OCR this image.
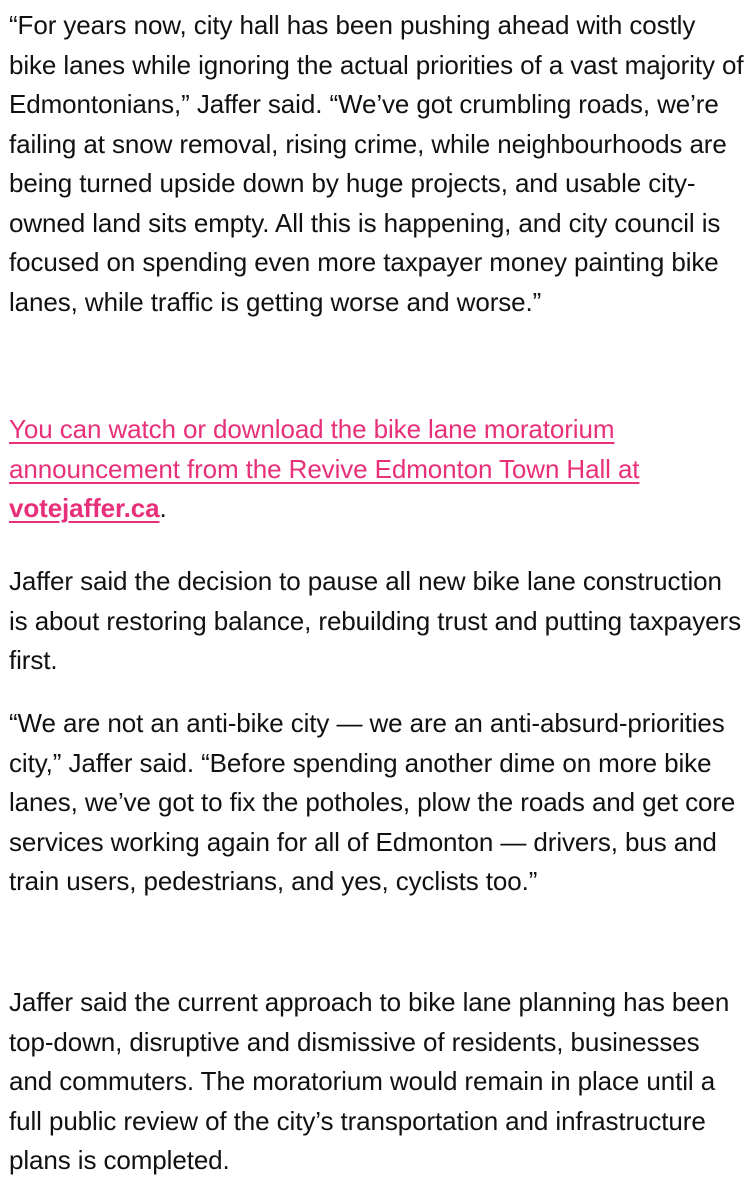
“For years now, city hall has been pushing ahead with costly bike lanes while ignoring the actual priorities of a vast majority of Edmontonians,” Jaffer said. “We’ve got crumbling roads, we’re failing at snow removal, rising crime, while neighbourhoods are being turned upside down by huge projects, and usable city-owned land sits empty. All this is happening, and city council is focused on spending even more taxpayer money painting bike lanes, while traffic is getting worse and worse.”

You can watch or download the bike lane moratorium announcement from the Revive Edmonton Town Hall at votejaffer.ca.

Jaffer said the decision to pause all new bike lane construction is about restoring balance, rebuilding trust and putting taxpayers first.

“We are not an anti-bike city — we are an anti-absurd-priorities city,” Jaffer said. “Before spending another dime on more bike lanes, we’ve got to fix the potholes, plow the roads and get core services working again for all of Edmonton — drivers, bus and train users, pedestrians, and yes, cyclists too.”

Jaffer said the current approach to bike lane planning has been top-down, disruptive and dismissive of residents, businesses and commuters. The moratorium would remain in place until a full public review of the city’s transportation and infrastructure plans is completed.
